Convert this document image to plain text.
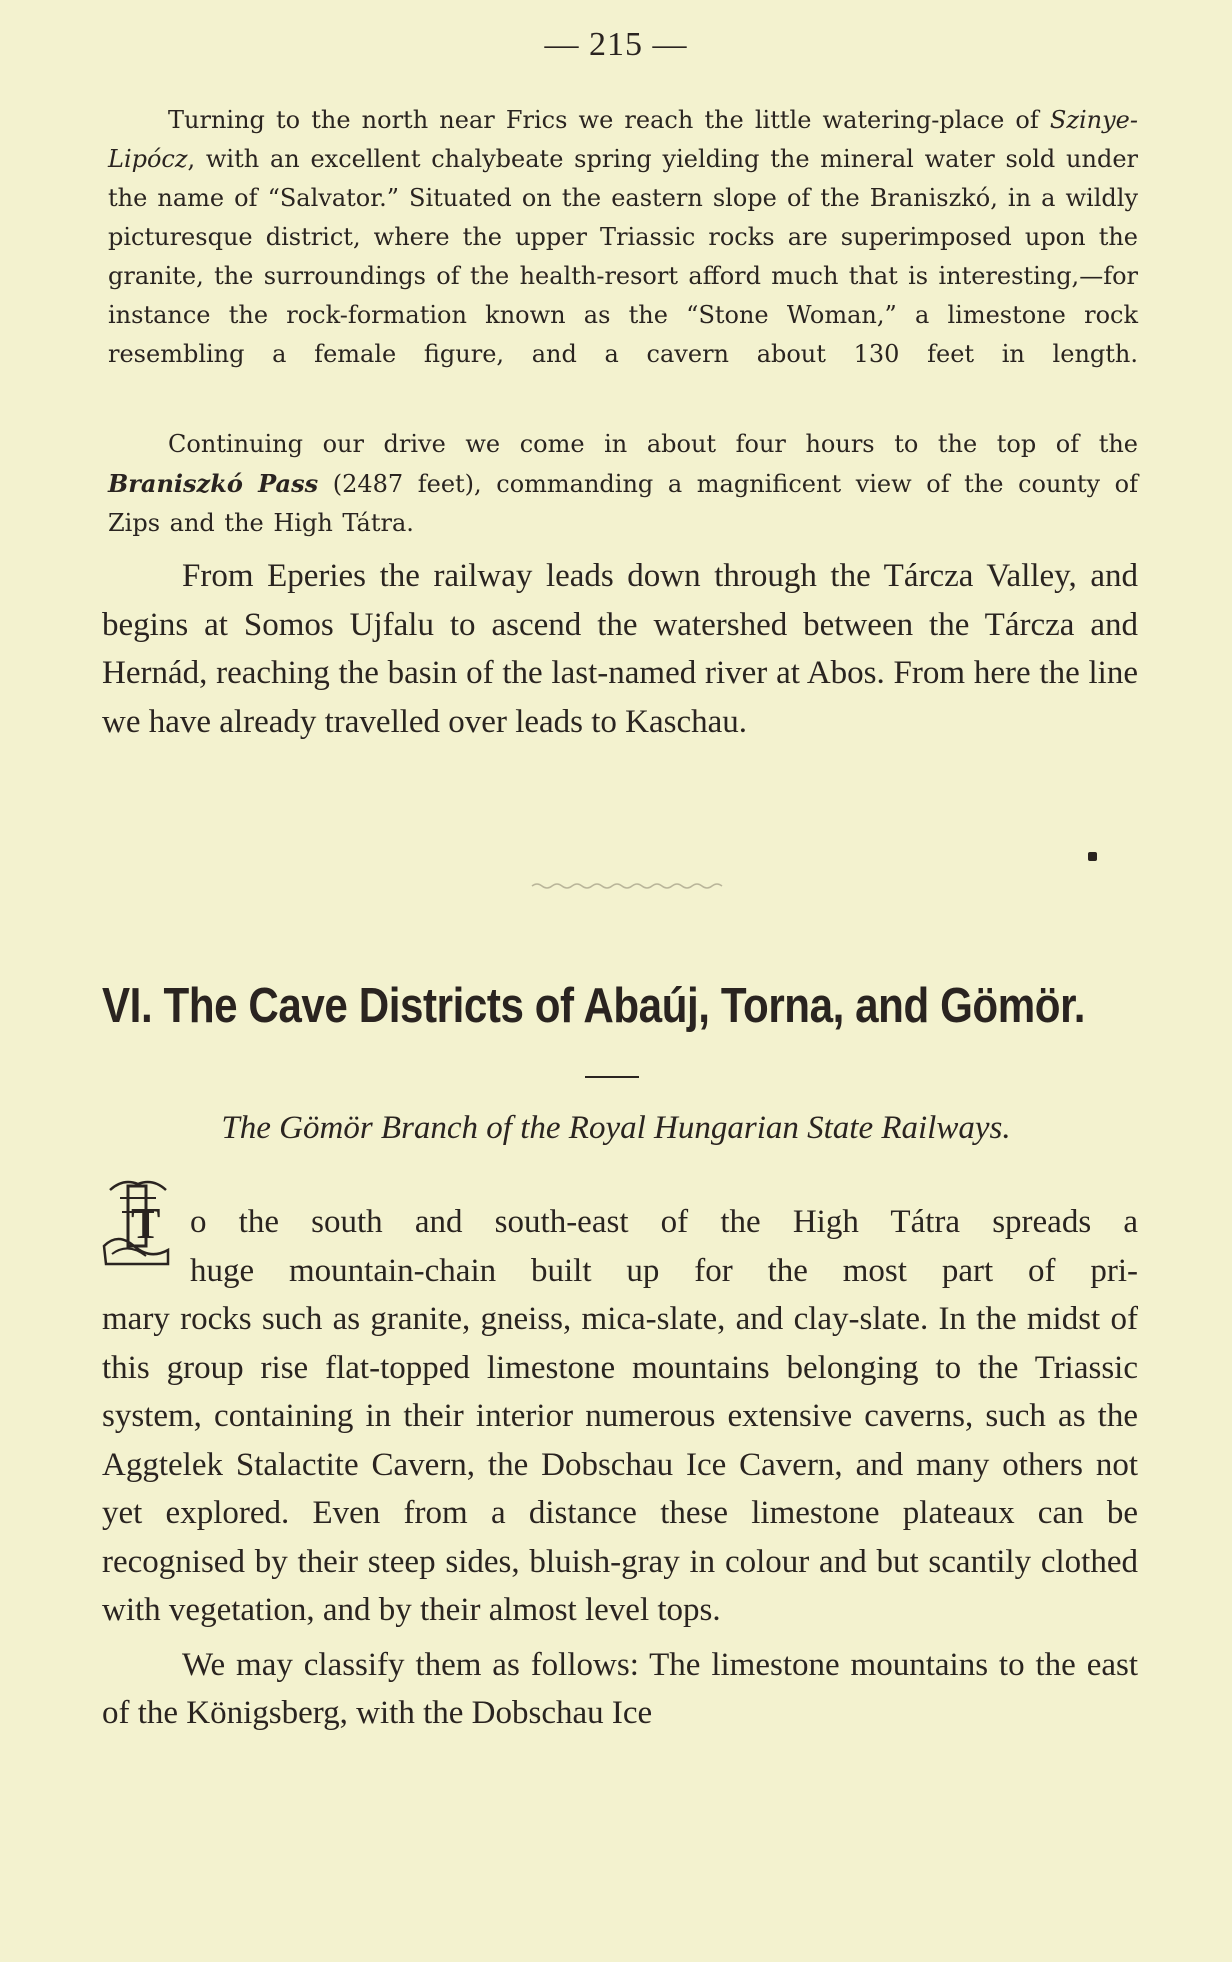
— 215 —

Turning to the north near Frics we reach the little watering-place of Szinye-Lipócz, with an excellent chalybeate spring yielding the mineral water sold under the name of “Salvator.” Situated on the eastern slope of the Braniszkó, in a wildly picturesque district, where the upper Triassic rocks are superimposed upon the granite, the surroundings of the health-resort afford much that is interesting,—for instance the rock-formation known as the “Stone Woman,” a limestone rock resembling a female figure, and a cavern about 130 feet in length.

Continuing our drive we come in about four hours to the top of the Braniszkó Pass (2487 feet), commanding a magnificent view of the county of Zips and the High Tátra.

From Eperies the railway leads down through the Tárcza Valley, and begins at Somos Ujfalu to ascend the watershed between the Tárcza and Hernád, reaching the basin of the last-named river at Abos. From here the line we have already travelled over leads to Kaschau.

VI. The Cave Districts of Abaúj, Torna, and Gömör.
The Gömör Branch of the Royal Hungarian State Railways.
T o the south and south-east of the High Tátra spreads a

huge mountain-chain built up for the most part of pri-

mary rocks such as granite, gneiss, mica-slate, and clay-slate. In the midst of this group rise flat-topped limestone mountains belonging to the Triassic system, containing in their interior numerous extensive caverns, such as the Aggtelek Stalactite Cavern, the Dobschau Ice Cavern, and many others not yet explored. Even from a distance these limestone plateaux can be recognised by their steep sides, bluish-gray in colour and but scantily clothed with vegetation, and by their almost level tops.

We may classify them as follows: The limestone mountains to the east of the Königsberg, with the Dobschau Ice
